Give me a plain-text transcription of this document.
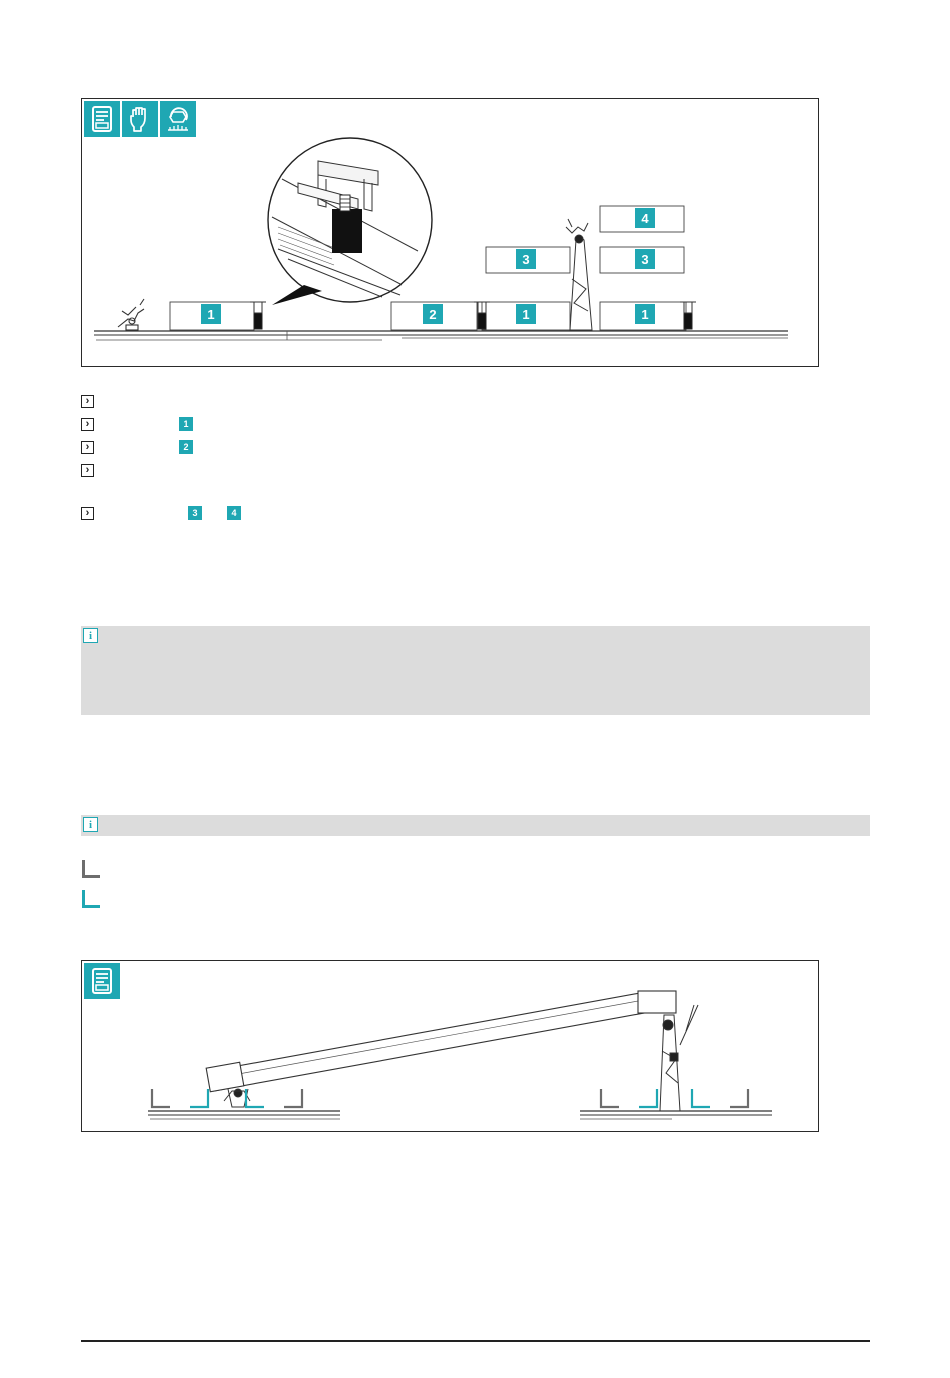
1	2	1	1
3	3
4
›
›	1
›	2
›
›	3	4
i
i
